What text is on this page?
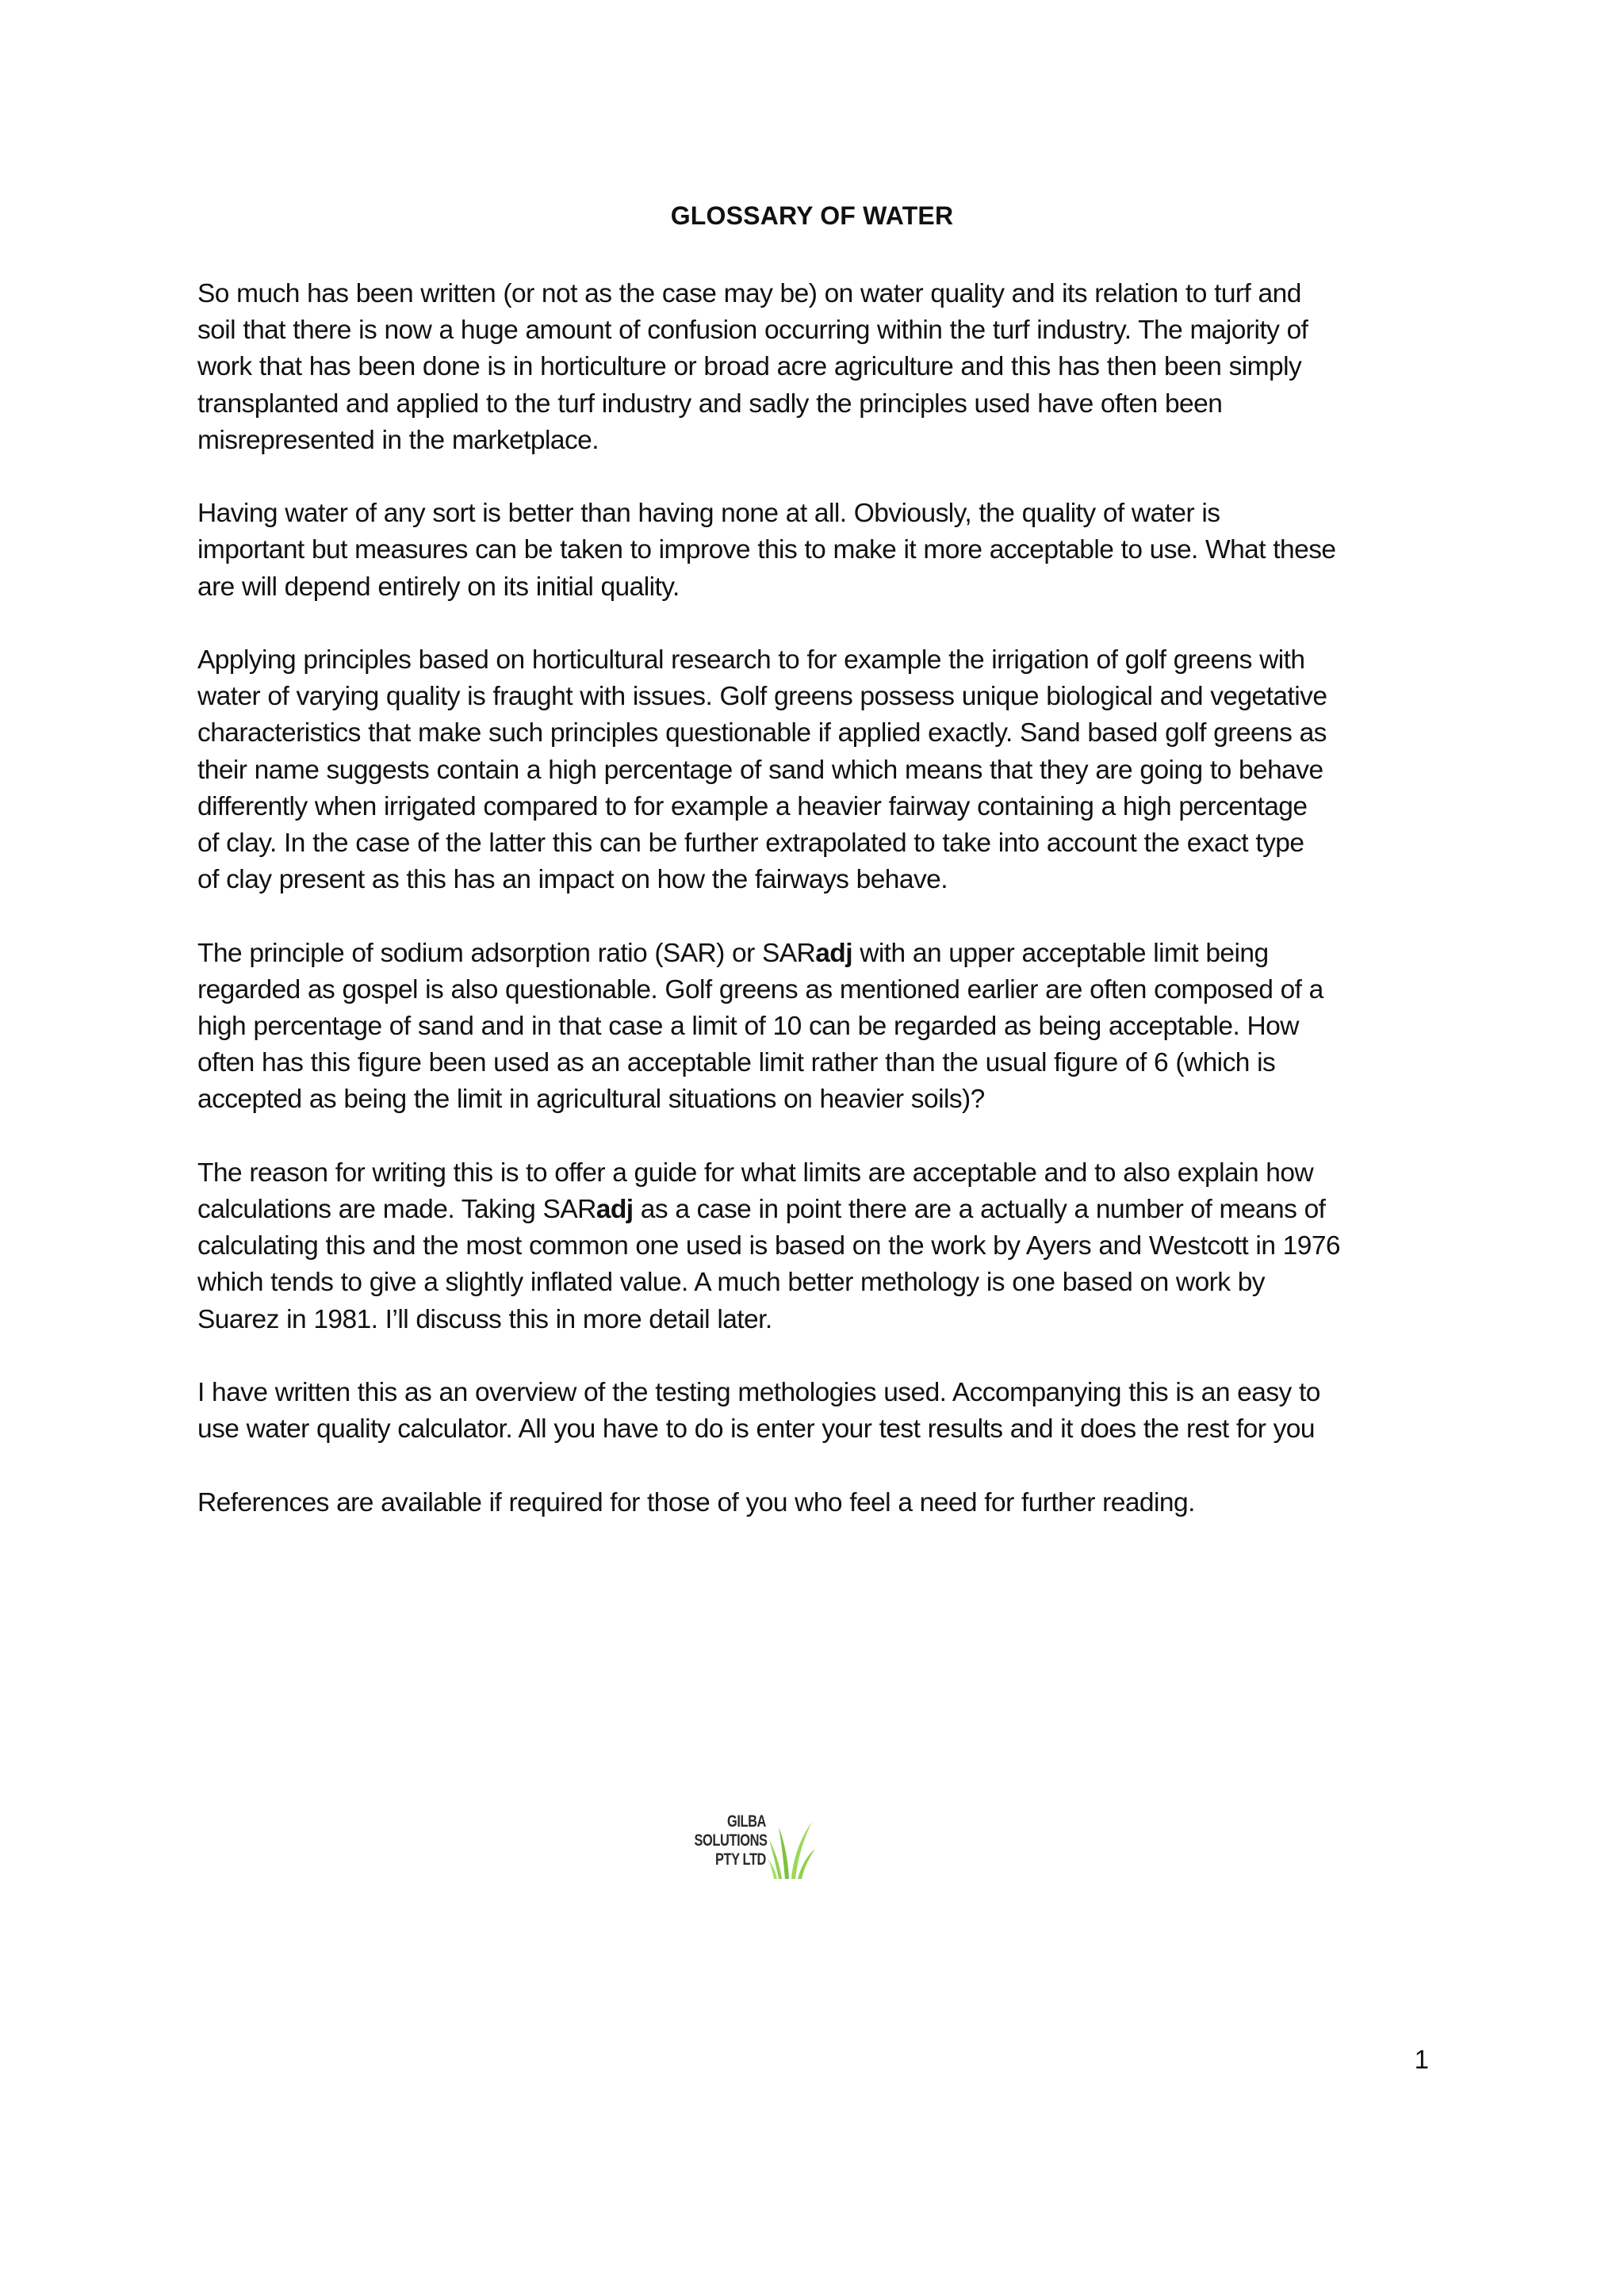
GLOSSARY OF WATER

So much has been written (or not as the case may be) on water quality and its relation to turf and
soil that there is now a huge amount of confusion occurring within the turf industry. The majority of
work that has been done is in horticulture or broad acre agriculture and this has then been simply
transplanted and applied to the turf industry and sadly the principles used have often been
misrepresented in the marketplace.

Having water of any sort is better than having none at all. Obviously, the quality of water is
important but measures can be taken to improve this to make it more acceptable to use. What these
are will depend entirely on its initial quality.

Applying principles based on horticultural research to for example the irrigation of golf greens with
water of varying quality is fraught with issues. Golf greens possess unique biological and vegetative
characteristics that make such principles questionable if applied exactly. Sand based golf greens as
their name suggests contain a high percentage of sand which means that they are going to behave
differently when irrigated compared to for example a heavier fairway containing a high percentage
of clay. In the case of the latter this can be further extrapolated to take into account the exact type
of clay present as this has an impact on how the fairways behave.

The principle of sodium adsorption ratio (SAR) or SARadj with an upper acceptable limit being
regarded as gospel is also questionable. Golf greens as mentioned earlier are often composed of a
high percentage of sand and in that case a limit of 10 can be regarded as being acceptable. How
often has this figure been used as an acceptable limit rather than the usual figure of 6 (which is
accepted as being the limit in agricultural situations on heavier soils)?

The reason for writing this is to offer a guide for what limits are acceptable and to also explain how
calculations are made. Taking SARadj as a case in point there are a actually a number of means of
calculating this and the most common one used is based on the work by Ayers and Westcott in 1976
which tends to give a slightly inflated value. A much better methology is one based on work by
Suarez in 1981. I’ll discuss this in more detail later.

I have written this as an overview of the testing methologies used. Accompanying this is an easy to
use water quality calculator. All you have to do is enter your test results and it does the rest for you

References are available if required for those of you who feel a need for further reading.

GILBA
SOLUTIONS
PTY LTD
1
